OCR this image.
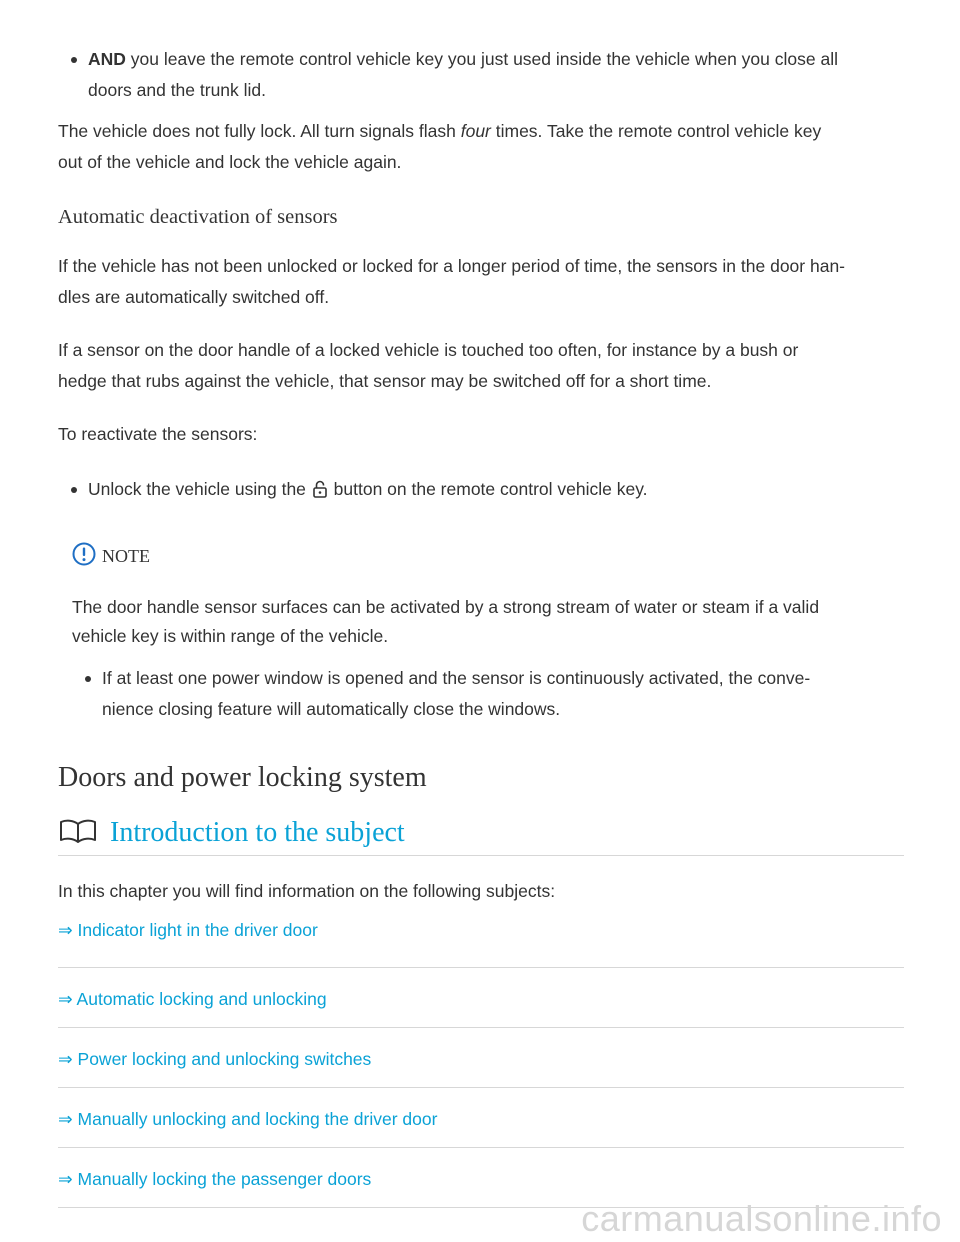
AND you leave the remote control vehicle key you just used inside the vehicle when you close all
doors and the trunk lid.
The vehicle does not fully lock. All turn signals flash four times. Take the remote control vehicle key
out of the vehicle and lock the vehicle again.
Automatic deactivation of sensors
If the vehicle has not been unlocked or locked for a longer period of time, the sensors in the door han-
dles are automatically switched off.
If a sensor on the door handle of a locked vehicle is touched too often, for instance by a bush or
hedge that rubs against the vehicle, that sensor may be switched off for a short time.
To reactivate the sensors:
Unlock the vehicle using the  button on the remote control vehicle key.
NOTE
The door handle sensor surfaces can be activated by a strong stream of water or steam if a valid
vehicle key is within range of the vehicle.
If at least one power window is opened and the sensor is continuously activated, the conve-
nience closing feature will automatically close the windows.
Doors and power locking system
Introduction to the subject
In this chapter you will find information on the following subjects:
⇒ Indicator light in the driver door
⇒ Automatic locking and unlocking
⇒ Power locking and unlocking switches
⇒ Manually unlocking and locking the driver door
⇒ Manually locking the passenger doors
carmanualsonline.info
